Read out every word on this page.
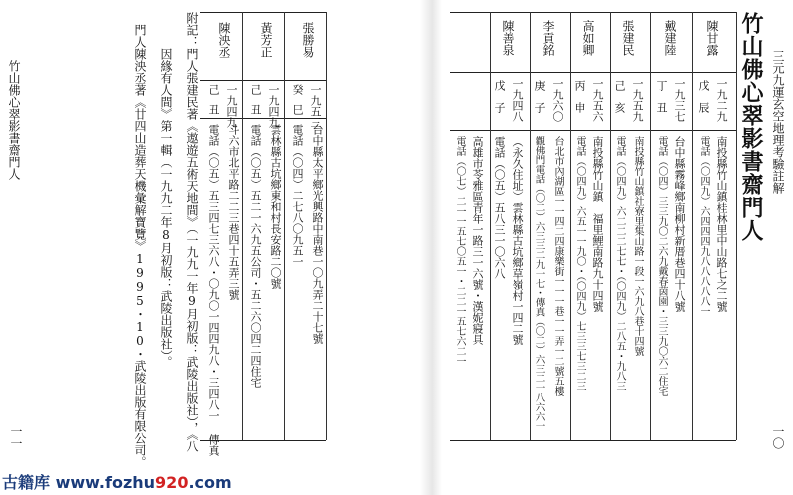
古籍库 www.fozhu920.com
竹山佛心翠影書齋門人
一一	附記：門人張建民著《遨遊五術天地間》（一九九一年9月初版：武陵出版社），《八
　　　因緣有人間》第一輯（一九九二年8月初版：武陵出版社）。
　門人陳泱丞著《廿四山造葬天機彙解寶覽》1995・10・武陵出版有限公司。	張勝易
一九五三
癸
巳
台中縣太平鄉光興路中南巷一〇九弄二十七號
電話（〇四）二七八〇九五一
黃芳正
一九四九
己
丑
雲林縣古坑鄉東和村長安路二〇號
電話（〇五）五二一六九五公司・五二六〇四二四住宅
陳泱丞
一九四九
己
丑
斗六市北平路二二三巷四十五弄三號
電話（〇五）五三四七三六八・〇九〇一四四九八・三四八一 傳真
三元九運玄空地理考驗註解
竹山佛心翠影書齋門人
一〇
陳甘露
一九二九
戊
辰
南投縣竹山鎮桂林里中山路七之二號
電話（〇四九）六四四四九八八八八八一
戴建陸
一九三七
丁
丑
台中縣霧峰鄉南柳村新厝巷四十八號
電話（〇四）三三九〇二六九戴春茵園・三三九〇六二住宅
張建民
一九五九
己
亥
南投縣竹山鎮社寮里集山路一段一六九八巷十四號
電話（〇四九）六二二二七七・（〇四九）二八五・九八三
高如卿
一九五六
丙
申
南投縣竹山鎮　福里鯉南路九十四號
電話（〇四九）六五一一九〇・（〇四九）七三三七三二三
李貢銘
一九六〇
庚
子
台北市內湖區一一四二四康樂街一一一巷一一弄一二號五樓
觀佛門電話（〇二）六三三二九一七・傳真（〇二）六三二一八六六一
陳善泉
一九四八
戊
子
（永久住址）雲林縣古坑鄉草嶺村一四二號
電話（〇五）五八三一〇六八
高雄市苓雅區青年一路三一六號・漢妮寢具
電話（〇七）二一一五七〇五一・二二一五七六二一
